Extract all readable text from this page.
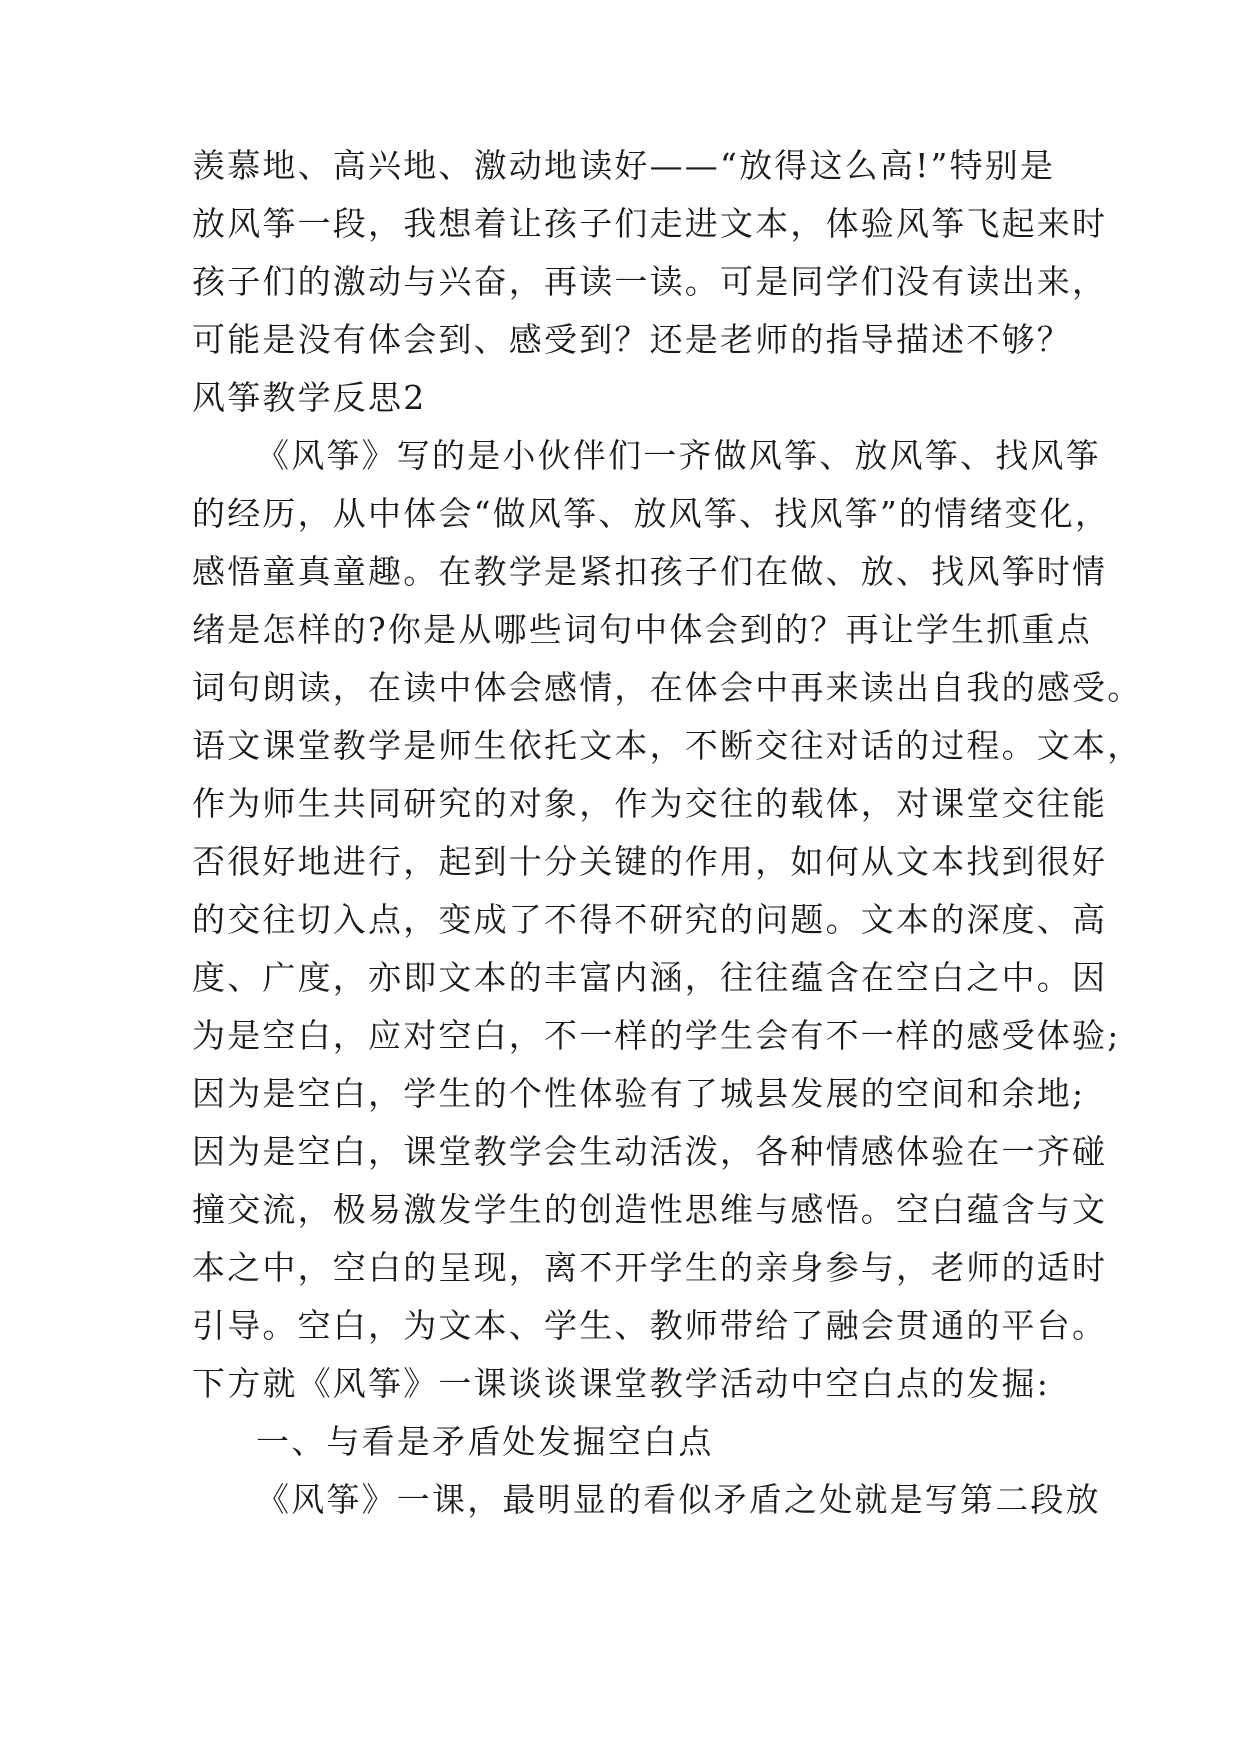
羡慕地、高兴地、激动地读好——“放得这么高!”特别是
放风筝一段，我想着让孩子们走进文本，体验风筝飞起来时
孩子们的激动与兴奋，再读一读。可是同学们没有读出来，
可能是没有体会到、感受到？还是老师的指导描述不够？
风筝教学反思2
《风筝》写的是小伙伴们一齐做风筝、放风筝、找风筝
的经历，从中体会“做风筝、放风筝、找风筝”的情绪变化，
感悟童真童趣。在教学是紧扣孩子们在做、放、找风筝时情
绪是怎样的?你是从哪些词句中体会到的？再让学生抓重点
词句朗读，在读中体会感情，在体会中再来读出自我的感受。
语文课堂教学是师生依托文本，不断交往对话的过程。文本，
作为师生共同研究的对象，作为交往的载体，对课堂交往能
否很好地进行，起到十分关键的作用，如何从文本找到很好
的交往切入点，变成了不得不研究的问题。文本的深度、高
度、广度，亦即文本的丰富内涵，往往蕴含在空白之中。因
为是空白，应对空白，不一样的学生会有不一样的感受体验;
因为是空白，学生的个性体验有了城县发展的空间和余地;
因为是空白，课堂教学会生动活泼，各种情感体验在一齐碰
撞交流，极易激发学生的创造性思维与感悟。空白蕴含与文
本之中，空白的呈现，离不开学生的亲身参与，老师的适时
引导。空白，为文本、学生、教师带给了融会贯通的平台。
下方就《风筝》一课谈谈课堂教学活动中空白点的发掘:
一、与看是矛盾处发掘空白点
《风筝》一课，最明显的看似矛盾之处就是写第二段放
